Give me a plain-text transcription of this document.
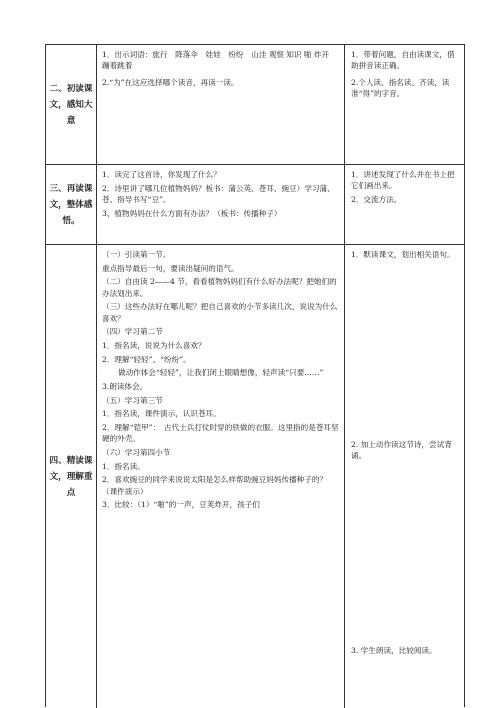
二、初读课文，感知大意
1．出示词语：旅行　降落伞　娃娃　纷纷　山洼 观察 知识 啪 炸开　蹦着跳着
2.“为”在这应选择哪个读音，再读一读。
1．带着问题，自由读课文，借助拼音读正确。
2.个人读、指名读、齐读，读准“得”的字音。
三、再读课文，整体感悟。
1．读完了这首诗，你发现了什么？
2．诗里讲了哪几位植物妈妈？板书：蒲公英、苍耳、豌豆）学习蒲、苍、指导书写“豆”。
3、植物妈妈在什么方面有办法？（板书：传播种子）
1．讲述发现了什么并在书上把它们画出来。
2．交流方法。
四、精读课文，理解重点
（一）引读第一节。
重点指导最后一句，要读出疑问的语气。
（二）自由读 2——4 节，看看植物妈妈们有什么好办法呢？把她们的办法划出来。
（三）这些办法好在哪儿呢？把自己喜欢的小节多读几次，说说为什么喜欢？
（四）学习第二节
1．指名读，说说为什么喜欢？
2．理解“轻轻”、“纷纷”。
做动作体会“轻轻”，让我们闭上眼睛想像，轻声读“只要……”
3.朗读体会。
（五）学习第三节
1．指名读，课件演示，认识苍耳。
2．理解“铠甲”：　古代士兵打仗时穿的铁做的衣服。这里指的是苍耳坚硬的外壳。
（六）学习第四小节
1．指名读。
2．喜欢豌豆的同学来说说太阳是怎么样帮助豌豆妈妈传播种子的？（课件演示）
3．比较：（1）“啪”的一声，豆荚炸开，孩子们
1．默读课文，划出相关语句。
2. 加上动作读这节诗，尝试背诵。
3. 学生朗读，比较阅读。
